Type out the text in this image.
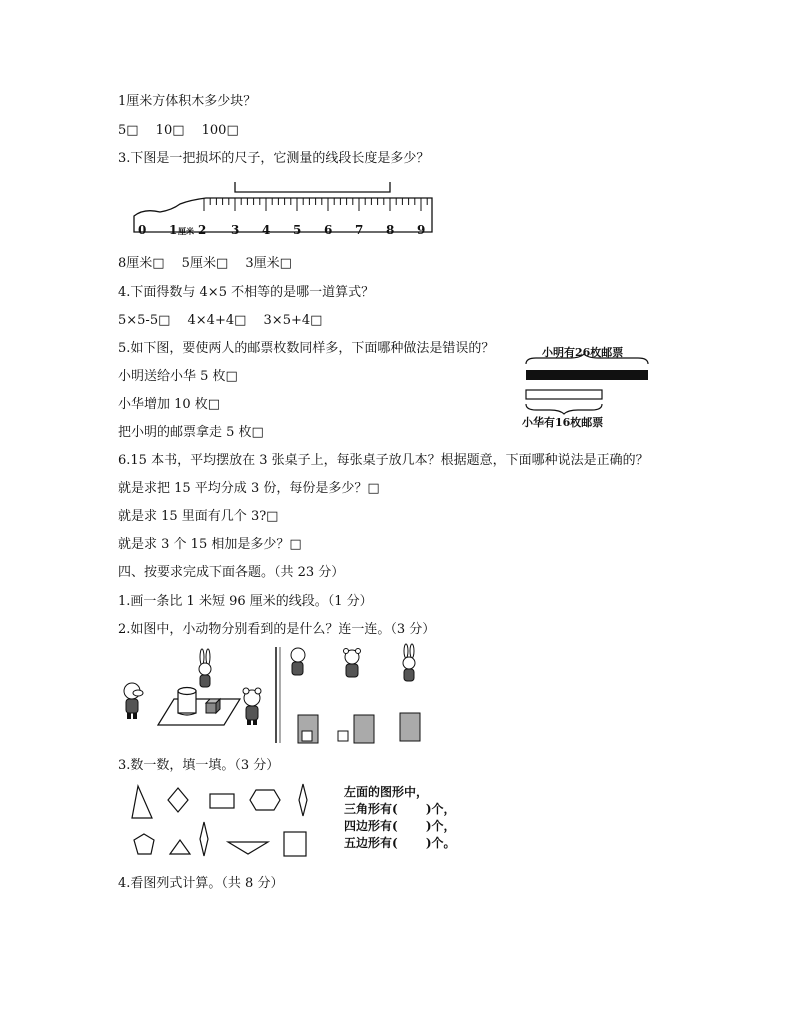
1厘米方体积木多少块？
5□　 10□　 100□
3.下图是一把损坏的尺子，它测量的线段长度是多少？
0 1 厘米 2 3 4 5 6 7 8 9
8厘米□　 5厘米□　 3厘米□
4.下面得数与 4×5 不相等的是哪一道算式？
5×5-5□　 4×4+4□　 3×5+4□
5.如下图，要使两人的邮票枚数同样多，下面哪种做法是错误的？
小明送给小华 5 枚□
小华增加 10 枚□
把小明的邮票拿走 5 枚□
小明有26枚邮票
小华有16枚邮票
6.15 本书，平均摆放在 3 张桌子上，每张桌子放几本？根据题意，下面哪种说法是正确的？
就是求把 15 平均分成 3 份，每份是多少？□
就是求 15 里面有几个 3?□
就是求 3 个 15 相加是多少？□
四、按要求完成下面各题。（共 23 分）
1.画一条比 1 米短 96 厘米的线段。（1 分）
2.如图中，小动物分别看到的是什么？连一连。（3 分）
3.数一数，填一填。（3 分）
左面的图形中，
三角形有(　　 )个，
四边形有(　　 )个，
五边形有(　　 )个。
4.看图列式计算。（共 8 分）
